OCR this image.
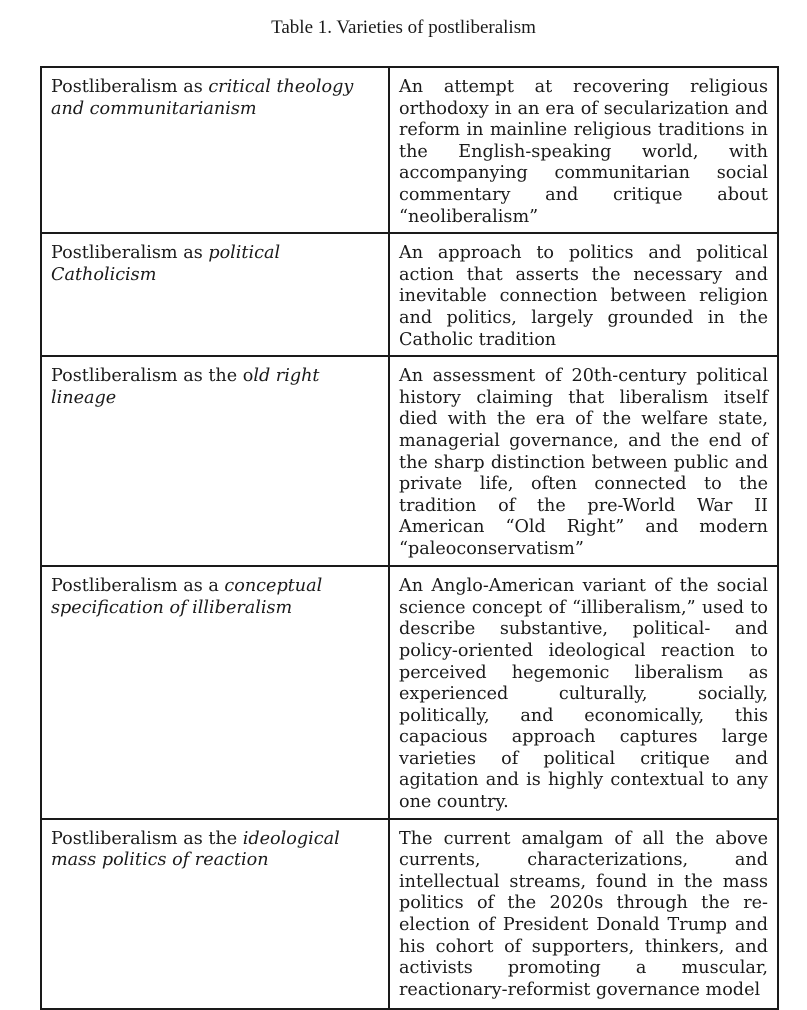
Table 1. Varieties of postliberalism
Postliberalism as critical theology and communitarianism	An attempt at recovering religious orthodoxy in an era of secularization and reform in mainline religious traditions in the English-speaking world, with accompanying communitarian social commentary and critique about “neoliberalism”
Postliberalism as political Catholicism	An approach to politics and political action that asserts the necessary and inevitable connection between religion and politics, largely grounded in the Catholic tradition
Postliberalism as the old right lineage	An assessment of 20th-century political history claiming that liberalism itself died with the era of the welfare state, managerial governance, and the end of the sharp distinction between public and private life, often connected to the tradition of the pre-World War II American “Old Right” and modern “paleoconservatism”
Postliberalism as a conceptual specification of illiberalism	An Anglo-American variant of the social science concept of “illiberalism,” used to describe substantive, political- and policy-oriented ideological reaction to perceived hegemonic liberalism as experienced culturally, socially, politically, and economically, this capacious approach captures large varieties of political critique and agitation and is highly contextual to any one country.
Postliberalism as the ideological mass politics of reaction	The current amalgam of all the above currents, characterizations, and intellectual streams, found in the mass politics of the 2020s through the re-election of President Donald Trump and his cohort of supporters, thinkers, and activists promoting a muscular, reactionary-reformist governance model
